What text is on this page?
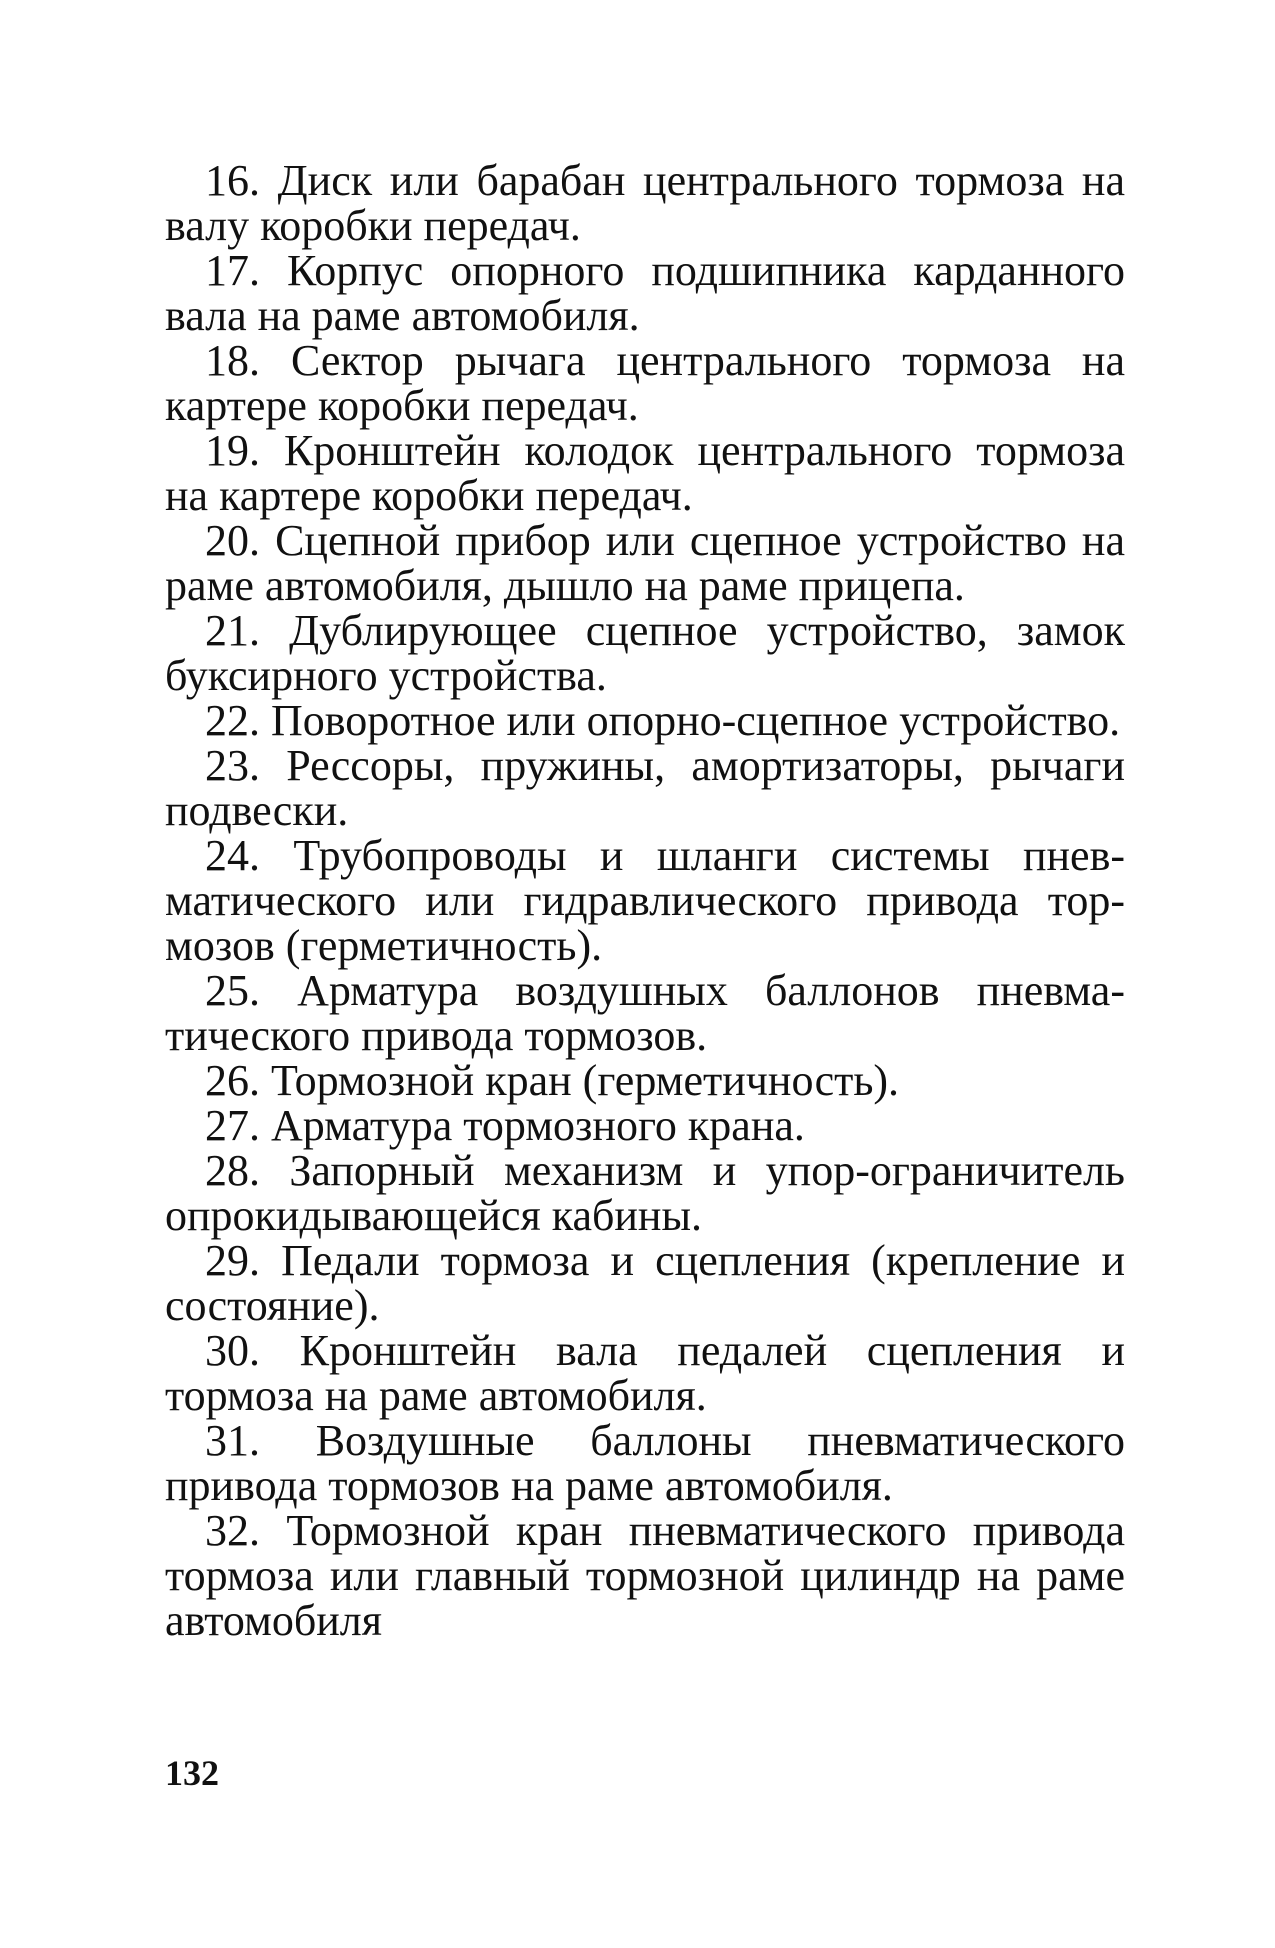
16. Диск или барабан центрального тормоза на валу коробки передач.

17. Корпус опорного подшипника карданного вала на раме автомобиля.

18. Сектор рычага центрального тормоза на картере коробки передач.

19. Кронштейн колодок центрального тормоза на картере коробки передач.

20. Сцепной прибор или сцепное устройство на раме автомобиля, дышло на раме прицепа.

21. Дублирующее сцепное устройство, замок буксирного устройства.

22. Поворотное или опорно-сцепное устройство.

23. Рессоры, пружины, амортизаторы, рычаги подвески.

24. Трубопроводы и шланги системы пневматического или гидравлического привода тормозов (герметичность).

25. Арматура воздушных баллонов пневматического привода тормозов.

26. Тормозной кран (герметичность).

27. Арматура тормозного крана.

28. Запорный механизм и упор-ограничитель опрокидывающейся кабины.

29. Педали тормоза и сцепления (крепление и состояние).

30. Кронштейн вала педалей сцепления и тормоза на раме автомобиля.

31. Воздушные баллоны пневматического привода тормозов на раме автомобиля.

32. Тормозной кран пневматического привода тормоза или главный тормозной цилиндр на раме автомобиля

132
